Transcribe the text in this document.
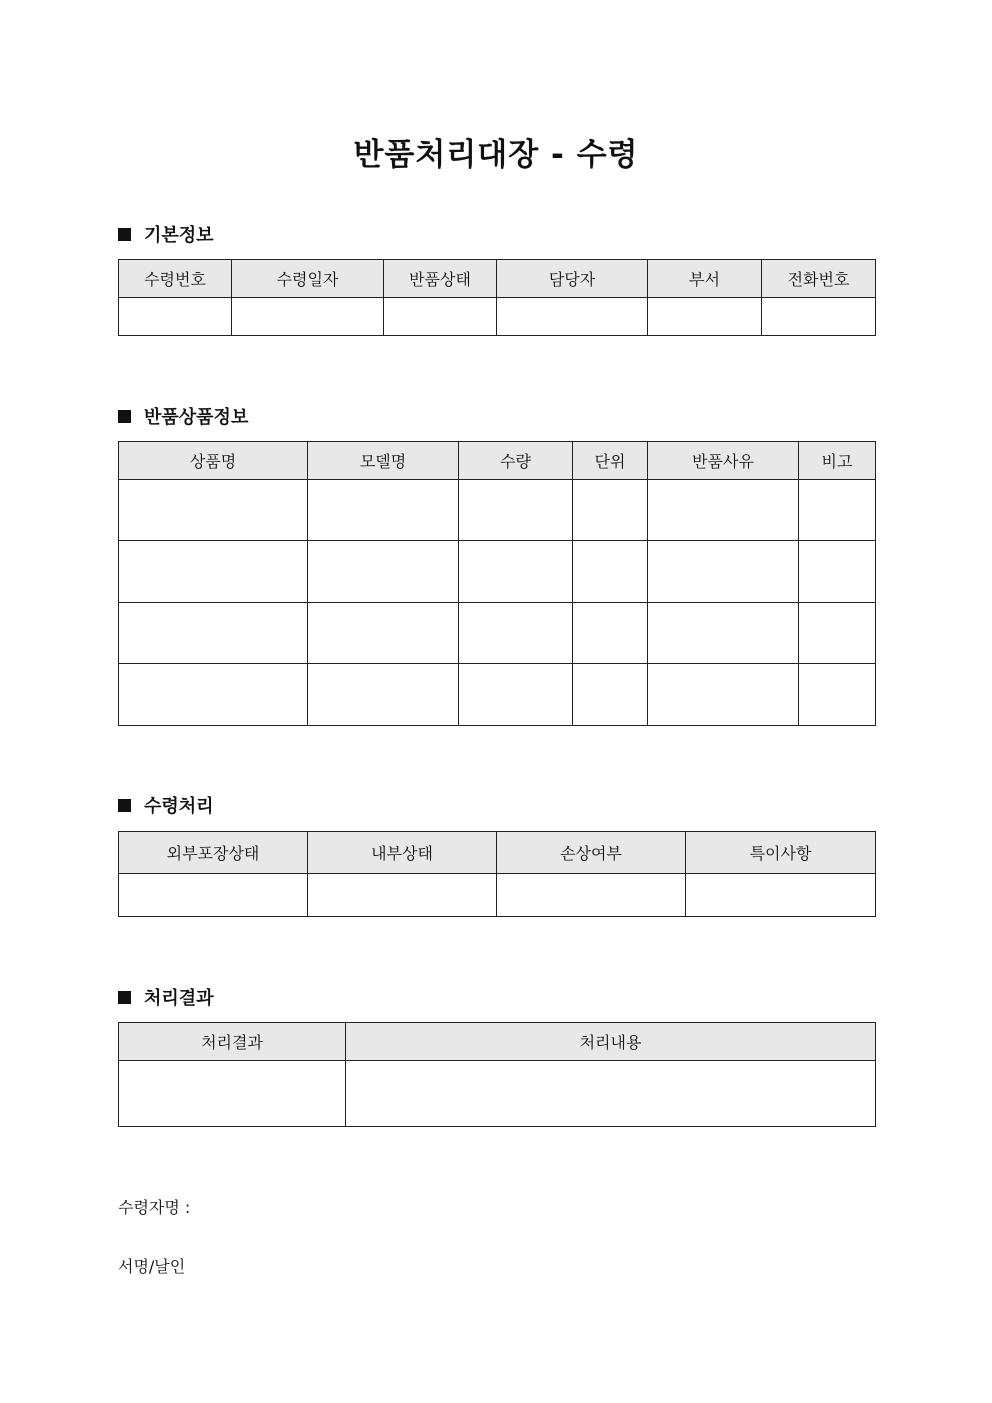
반품처리대장 - 수령
기본정보
수령번호	수령일자	반품상태	담당자	부서	전화번호

반품상품정보
상품명	모델명	수량	단위	반품사유	비고

수령처리
외부포장상태	내부상태	손상여부	특이사항

처리결과
처리결과	처리내용

수령자명 :
서명/날인
